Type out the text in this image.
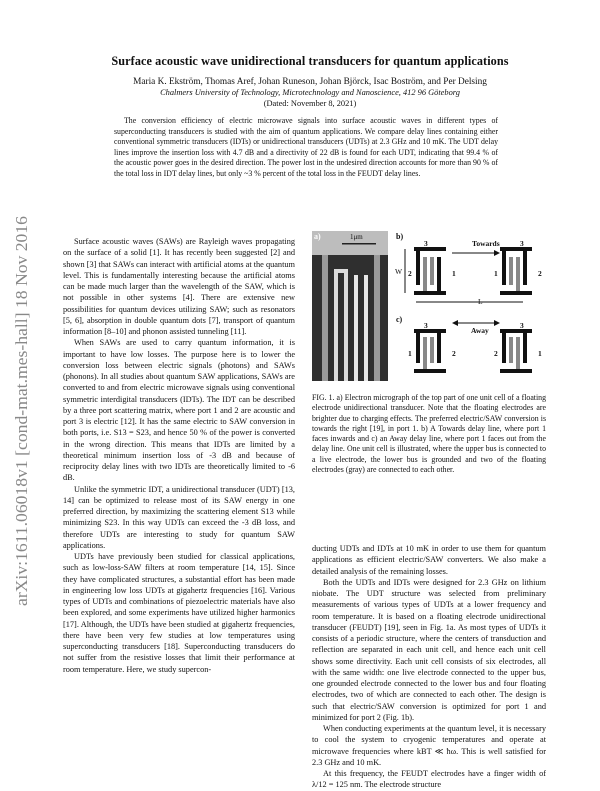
arXiv:1611.06018v1 [cond-mat.mes-hall] 18 Nov 2016
Surface acoustic wave unidirectional transducers for quantum applications
Maria K. Ekström, Thomas Aref, Johan Runeson, Johan Björck, Isac Boström, and Per Delsing
Chalmers University of Technology, Microtechnology and Nanoscience, 412 96 Göteborg
(Dated: November 8, 2021)
The conversion efficiency of electric microwave signals into surface acoustic waves in different types of superconducting transducers is studied with the aim of quantum applications. We compare delay lines containing either conventional symmetric transducers (IDTs) or unidirectional transducers (UDTs) at 2.3 GHz and 10 mK. The UDT delay lines improve the insertion loss with 4.7 dB and a directivity of 22 dB is found for each UDT, indicating that 99.4 % of the acoustic power goes in the desired direction. The power lost in the undesired direction accounts for more than 90 % of the total loss in IDT delay lines, but only ~3 % percent of the total loss in the FEUDT delay lines.

Surface acoustic waves (SAWs) are Rayleigh waves propagating on the surface of a solid [1]. It has recently been suggested [2] and shown [3] that SAWs can interact with artificial atoms at the quantum level. This is fundamentally interesting because the artificial atoms can be made much larger than the wavelength of the SAW, which is not possible in other systems [4]. There are extensive new possibilities for quantum devices utilizing SAW; such as resonators [5, 6], absorption in double quantum dots [7], transport of quantum information [8–10] and phonon assisted tunneling [11].

When SAWs are used to carry quantum information, it is important to have low losses. The purpose here is to lower the conversion loss between electric signals (photons) and SAWs (phonons). In all studies about quantum SAW applications, SAWs are converted to and from electric microwave signals using conventional symmetric interdigital transducers (IDTs). The IDT can be described by a three port scattering matrix, where port 1 and 2 are acoustic and port 3 is electric [12]. It has the same electric to SAW conversion in both ports, i.e. S13 = S23, and hence 50 % of the power is converted in the wrong direction. This means that IDTs are limited by a theoretical minimum insertion loss of -3 dB and because of reciprocity delay lines with two IDTs are theoretically limited to -6 dB.

Unlike the symmetric IDT, a unidirectional transducer (UDT) [13, 14] can be optimized to release most of its SAW energy in one preferred direction, by maximizing the scattering element S13 while minimizing S23. In this way UDTs can exceed the -3 dB loss, and therefore UDTs are interesting to study for quantum SAW applications.

UDTs have previously been studied for classical applications, such as low-loss-SAW filters at room temperature [14, 15]. Since they have complicated structures, a substantial effort has been made in engineering low loss UDTs at gigahertz frequencies [16]. Various types of UDTs and combinations of piezoelectric materials have also been explored, and some experiments have utilized higher harmonics [17]. Although, the UDTs have been studied at gigahertz frequencies, there have been very few studies at low temperatures using superconducting transducers [18]. Superconducting transducers do not suffer from the resistive losses that limit their performance at room temperature. Here, we study supercon-

a)	1μm	b)
Towards
W
3	3
2	1	1	2
L
c)
Away
3	3
1	2	2	1
FIG. 1. a) Electron micrograph of the top part of one unit cell of a floating electrode unidirectional transducer. Note that the floating electrodes are brighter due to charging effects. The preferred electric/SAW conversion is towards the right [19], in port 1. b) A Towards delay line, where port 1 faces inwards and c) an Away delay line, where port 1 faces out from the delay line. One unit cell is illustrated, where the upper bus is connected to a live electrode, the lower bus is grounded and two of the floating electrodes (gray) are connected to each other.

ducting UDTs and IDTs at 10 mK in order to use them for quantum applications as efficient electric/SAW converters. We also make a detailed analysis of the remaining losses.

Both the UDTs and IDTs were designed for 2.3 GHz on lithium niobate. The UDT structure was selected from preliminary measurements of various types of UDTs at a lower frequency and room temperature. It is based on a floating electrode unidirectional transducer (FEUDT) [19], seen in Fig. 1a. As most types of UDTs it consists of a periodic structure, where the centers of transduction and reflection are separated in each unit cell, and hence each unit cell shows some directivity. Each unit cell consists of six electrodes, all with the same width: one live electrode connected to the upper bus, one grounded electrode connected to the lower bus and four floating electrodes, two of which are connected to each other. The design is such that electric/SAW conversion is optimized for port 1 and minimized for port 2 (Fig. 1b).

When conducting experiments at the quantum level, it is necessary to cool the system to cryogenic temperatures and operate at microwave frequencies where kBT ≪ ħω. This is well satisfied for 2.3 GHz and 10 mK.

At this frequency, the FEUDT electrodes have a finger width of λ/12 = 125 nm. The electrode structure
